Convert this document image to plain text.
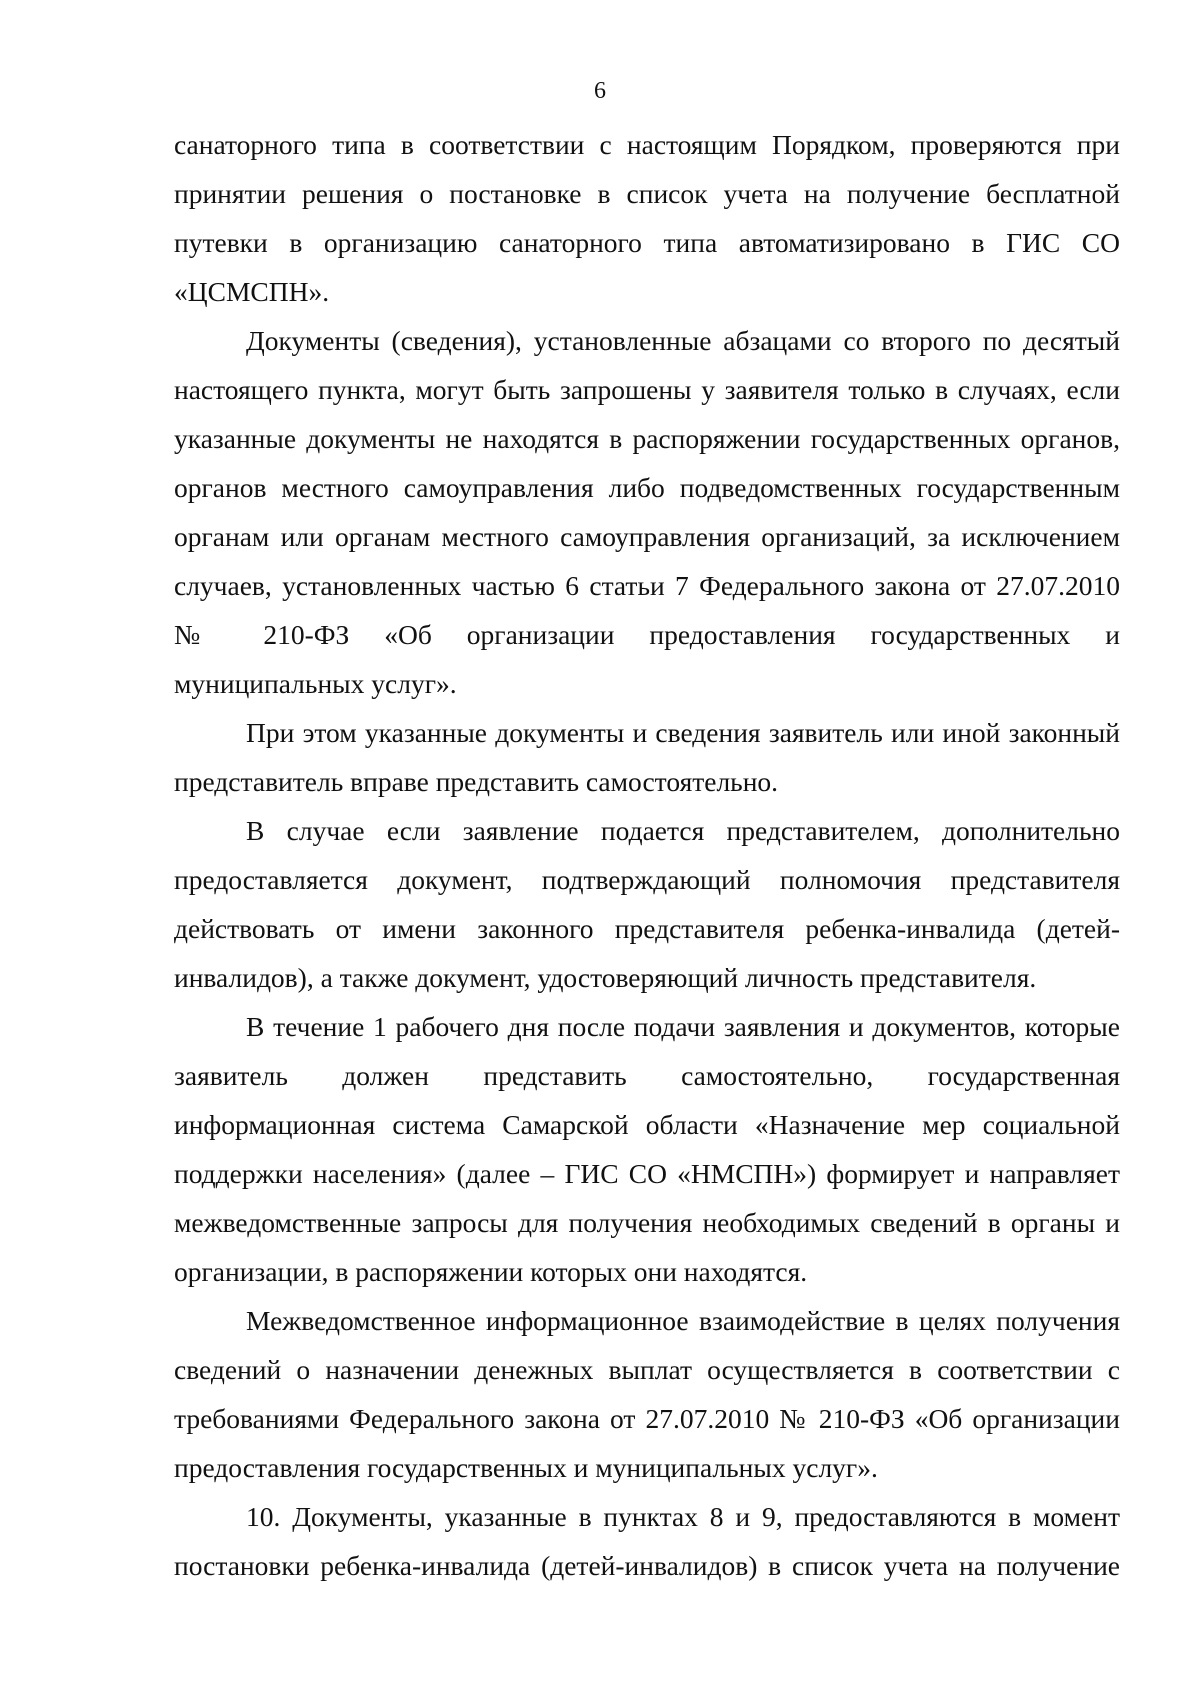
6

санаторного типа в соответствии с настоящим Порядком, проверяются при принятии решения о постановке в список учета на получение бесплатной путевки в организацию санаторного типа автоматизировано в ГИС СО «ЦСМСПН».

Документы (сведения), установленные абзацами со второго по десятый настоящего пункта, могут быть запрошены у заявителя только в случаях, если указанные документы не находятся в распоряжении государственных органов, органов местного самоуправления либо подведомственных государственным органам или органам местного самоуправления организаций, за исключением случаев, установленных частью 6 статьи 7 Федерального закона от 27.07.2010 № 210-ФЗ «Об организации предоставления государственных и муниципальных услуг».

При этом указанные документы и сведения заявитель или иной законный представитель вправе представить самостоятельно.

В случае если заявление подается представителем, дополнительно предоставляется документ, подтверждающий полномочия представителя действовать от имени законного представителя ребенка-инвалида (детей-инвалидов), а также документ, удостоверяющий личность представителя.

В течение 1 рабочего дня после подачи заявления и документов, которые заявитель должен представить самостоятельно, государственная информационная система Самарской области «Назначение мер социальной поддержки населения» (далее – ГИС СО «НМСПН») формирует и направляет межведомственные запросы для получения необходимых сведений в органы и организации, в распоряжении которых они находятся.

Межведомственное информационное взаимодействие в целях получения сведений о назначении денежных выплат осуществляется в соответствии с требованиями Федерального закона от 27.07.2010 № 210-ФЗ «Об организации предоставления государственных и муниципальных услуг».

10. Документы, указанные в пунктах 8 и 9, предоставляются в момент постановки ребенка-инвалида (детей-инвалидов) в список учета на получение
